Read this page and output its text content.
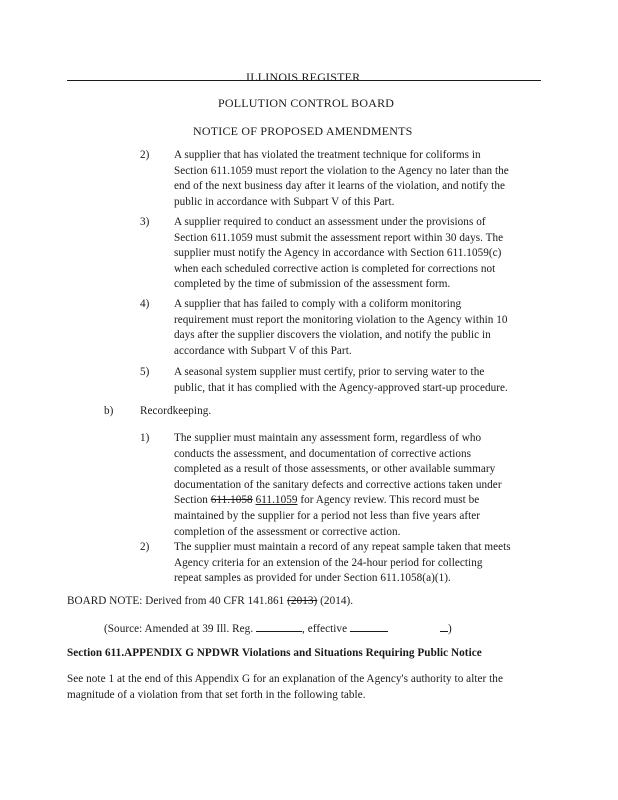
ILLINOIS REGISTER
POLLUTION CONTROL BOARD
NOTICE OF PROPOSED AMENDMENTS
2) A supplier that has violated the treatment technique for coliforms in
Section 611.1059 must report the violation to the Agency no later than the
end of the next business day after it learns of the violation, and notify the
public in accordance with Subpart V of this Part.
3) A supplier required to conduct an assessment under the provisions of
Section 611.1059 must submit the assessment report within 30 days. The
supplier must notify the Agency in accordance with Section 611.1059(c)
when each scheduled corrective action is completed for corrections not
completed by the time of submission of the assessment form.
4) A supplier that has failed to comply with a coliform monitoring
requirement must report the monitoring violation to the Agency within 10
days after the supplier discovers the violation, and notify the public in
accordance with Subpart V of this Part.
5) A seasonal system supplier must certify, prior to serving water to the
public, that it has complied with the Agency-approved start-up procedure.
b) Recordkeeping.
1) The supplier must maintain any assessment form, regardless of who
conducts the assessment, and documentation of corrective actions
completed as a result of those assessments, or other available summary
documentation of the sanitary defects and corrective actions taken under
Section 611.1058 611.1059 for Agency review. This record must be
maintained by the supplier for a period not less than five years after
completion of the assessment or corrective action.
2) The supplier must maintain a record of any repeat sample taken that meets
Agency criteria for an extension of the 24-hour period for collecting
repeat samples as provided for under Section 611.1058(a)(1).
BOARD NOTE: Derived from 40 CFR 141.861 (2013) (2014).
(Source: Amended at 39 Ill. Reg.	, effective	)
Section 611.APPENDIX G NPDWR Violations and Situations Requiring Public Notice
See note 1 at the end of this Appendix G for an explanation of the Agency's authority to alter the
magnitude of a violation from that set forth in the following table.
